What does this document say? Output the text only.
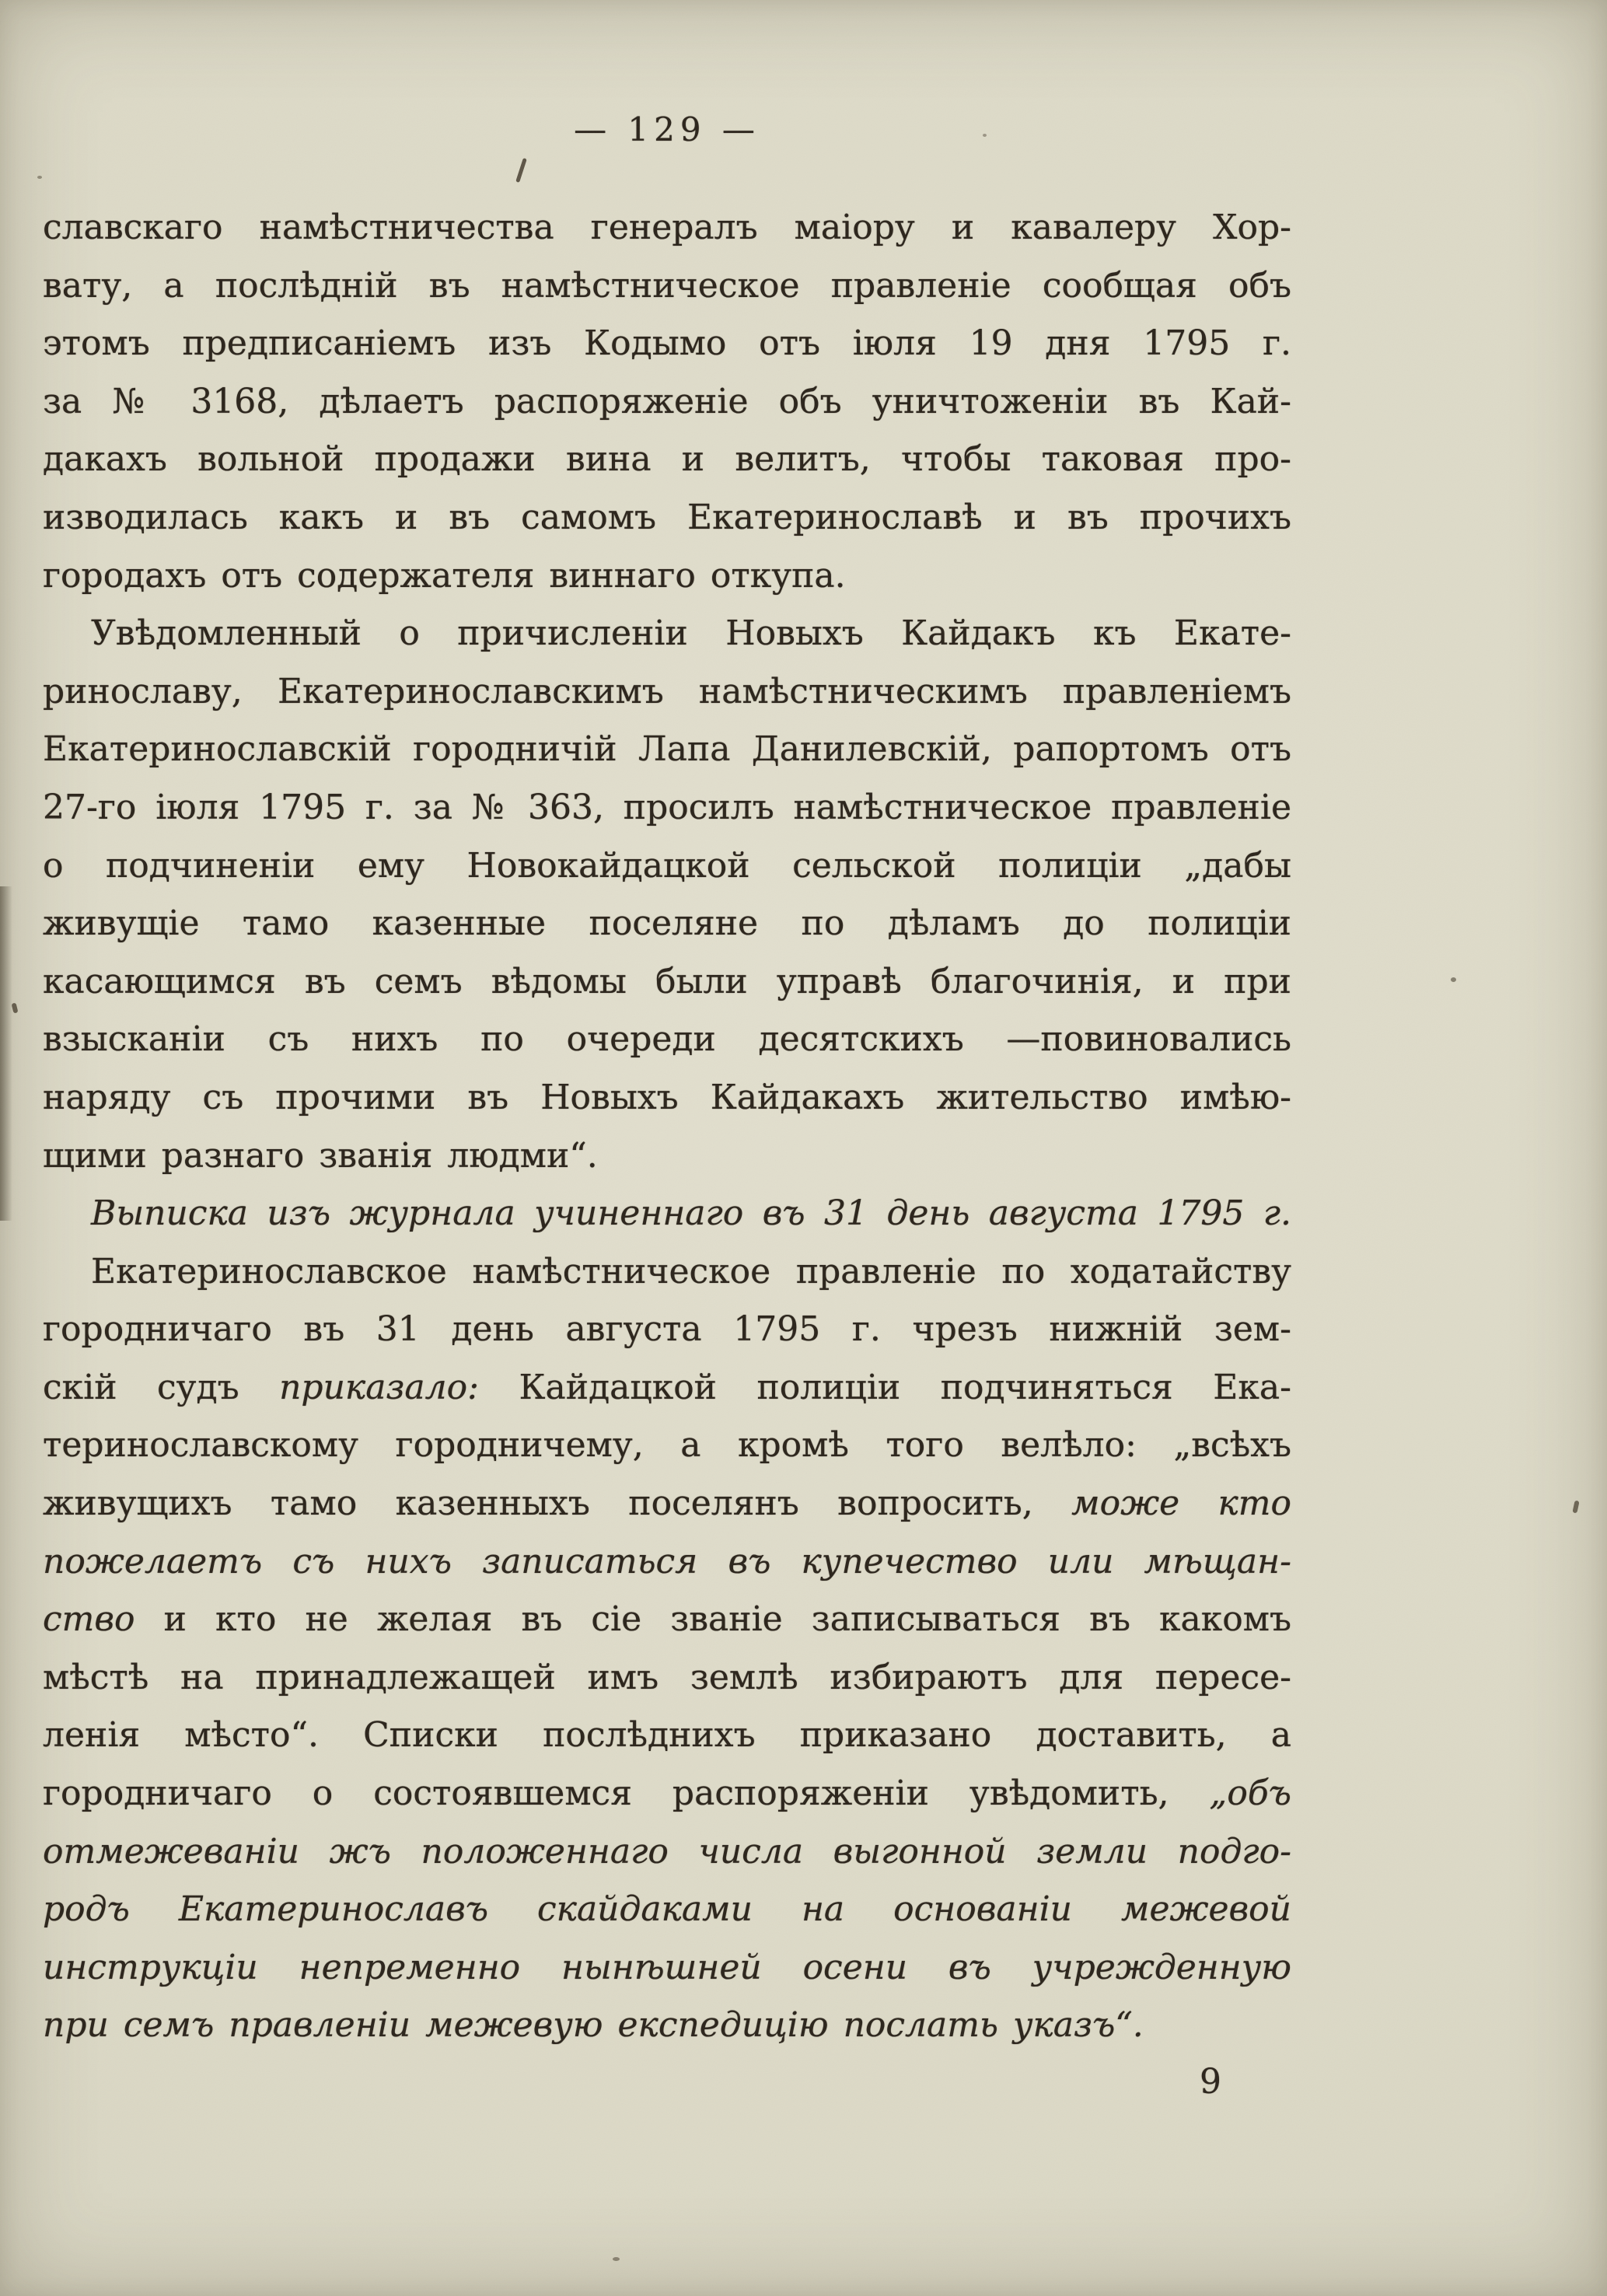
— 129 —
славскаго намѣстничества генералъ маіору и кавалеру Хор-
вату, а послѣдній въ намѣстническое правленіе сообщая объ
этомъ предписаніемъ изъ Кодымо отъ іюля 19 дня 1795 г.
за № 3168, дѣлаетъ распоряженіе объ уничтоженіи въ Кай-
дакахъ вольной продажи вина и велитъ, чтобы таковая про-
изводилась какъ и въ самомъ Екатеринославѣ и въ прочихъ
городахъ отъ содержателя виннаго откупа.
Увѣдомленный о причисленіи Новыхъ Кайдакъ къ Екате-
ринославу, Екатеринославскимъ намѣстническимъ правленіемъ
Екатеринославскій городничій Лапа Данилевскій, рапортомъ отъ
27-го іюля 1795 г. за № 363, просилъ намѣстническое правленіе
о подчиненіи ему Новокайдацкой сельской полиціи „дабы
живущіе тамо казенные поселяне по дѣламъ до полиціи
касающимся въ семъ вѣдомы были управѣ благочинія, и при
взысканіи съ нихъ по очереди десятскихъ —повиновались
наряду съ прочими въ Новыхъ Кайдакахъ жительство имѣю-
щими разнаго званія людми“.
Выписка изъ журнала учиненнаго въ 31 день августа 1795 г.
Екатеринославское намѣстническое правленіе по ходатайству
городничаго въ 31 день августа 1795 г. чрезъ нижній зем-
скій судъ приказало: Кайдацкой полиціи подчиняться Ека-
теринославскому городничему, а кромѣ того велѣло: „всѣхъ
живущихъ тамо казенныхъ поселянъ вопросить, може кто
пожелаетъ съ нихъ записаться въ купечество или мѣщан-
ство и кто не желая въ сіе званіе записываться въ какомъ
мѣстѣ на принадлежащей имъ землѣ избираютъ для пересе-
ленія мѣсто“. Списки послѣднихъ приказано доставить, а
городничаго о состоявшемся распоряженіи увѣдомить, „объ
отмежеваніи жъ положеннаго числа выгонной земли подго-
родъ Екатеринославъ скайдаками на основаніи межевой
инструкціи непременно нынѣшней осени въ учрежденную
при семъ правленіи межевую експедицію послать указъ“.
9
